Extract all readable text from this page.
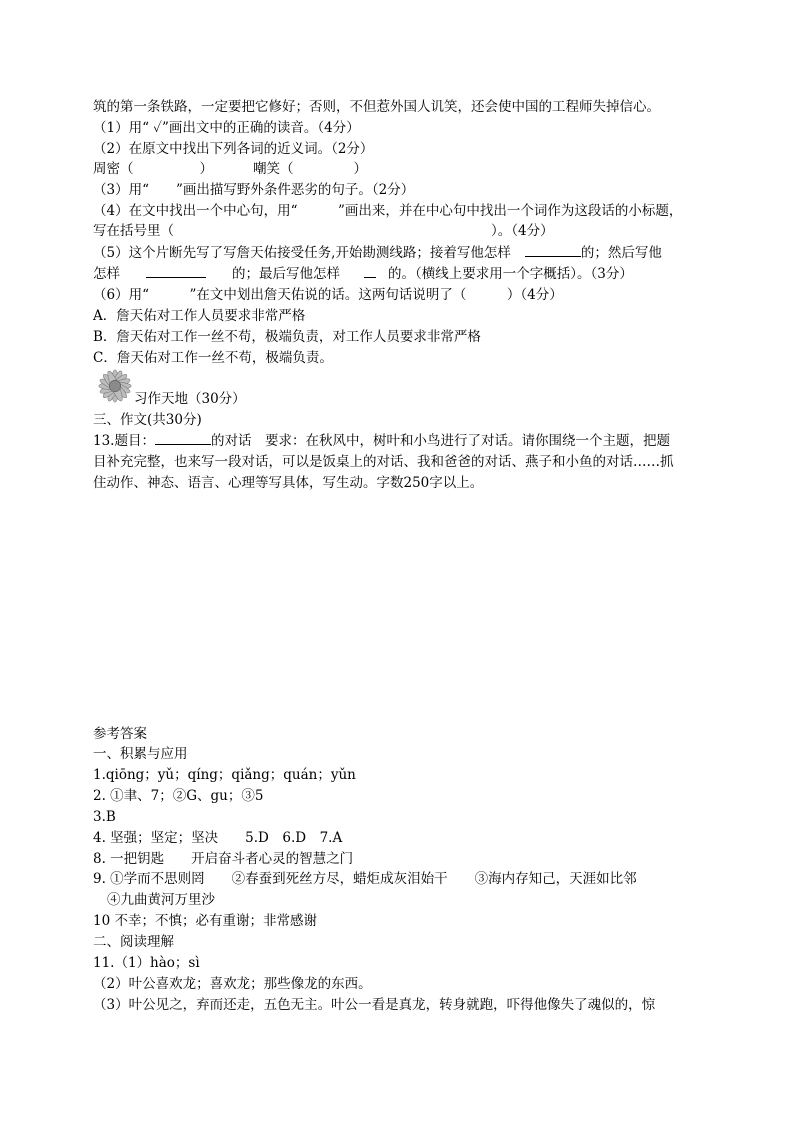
筑的第一条铁路，一定要把它修好；否则，不但惹外国人讥笑，还会使中国的工程师失掉信心。

（1）用“ ✓”画出文中的正确的读音。（4分）

（2）在原文中找出下列各词的近义词。（2分）

周密（	）	嘲笑（	）

（3）用“　　”画出描写野外条件恶劣的句子。（2分）

（4）在文中找出一个中心句，用“　　　”画出来，并在中心句中找出一个词作为这段话的小标题，

写在括号里（	）。（4分）

（5）这个片断先写了写詹天佑接受任务,开始勘测线路；接着写他怎样	的；然后写他

怎样	的；最后写他怎样	的。（横线上要求用一个字概括）。（3分）

（6）用“　　　”在文中划出詹天佑说的话。这两句话说明了（　　　）（4分）

A．詹天佑对工作人员要求非常严格

B．詹天佑对工作一丝不苟，极端负责，对工作人员要求非常严格

C．詹天佑对工作一丝不苟，极端负责。

习作天地（30分）

三、作文(共30分)

13.题目：	的对话　要求：在秋风中，树叶和小鸟进行了对话。请你围绕一个主题，把题

目补充完整，也来写一段对话，可以是饭桌上的对话、我和爸爸的对话、燕子和小鱼的对话……抓

住动作、神态、语言、心理等写具体，写生动。字数250字以上。

参考答案

一、积累与应用

1.qiōng；yǔ；qíng；qiǎng；quán；yǔn

2. ①聿、7；②G、gu；③5

3.B

4. 坚强；坚定；坚决　　5.D　6.D　7.A

8. 一把钥匙　　开启奋斗者心灵的智慧之门

9. ①学而不思则罔　　②春蚕到死丝方尽，蜡炬成灰泪始干　　③海内存知己，天涯如比邻

④九曲黄河万里沙

10 不幸；不慎；必有重谢；非常感谢

二、阅读理解

11.（1）hào；sì

（2）叶公喜欢龙；喜欢龙；那些像龙的东西。

（3）叶公见之，弃而还走，五色无主。叶公一看是真龙，转身就跑，吓得他像失了魂似的，惊
